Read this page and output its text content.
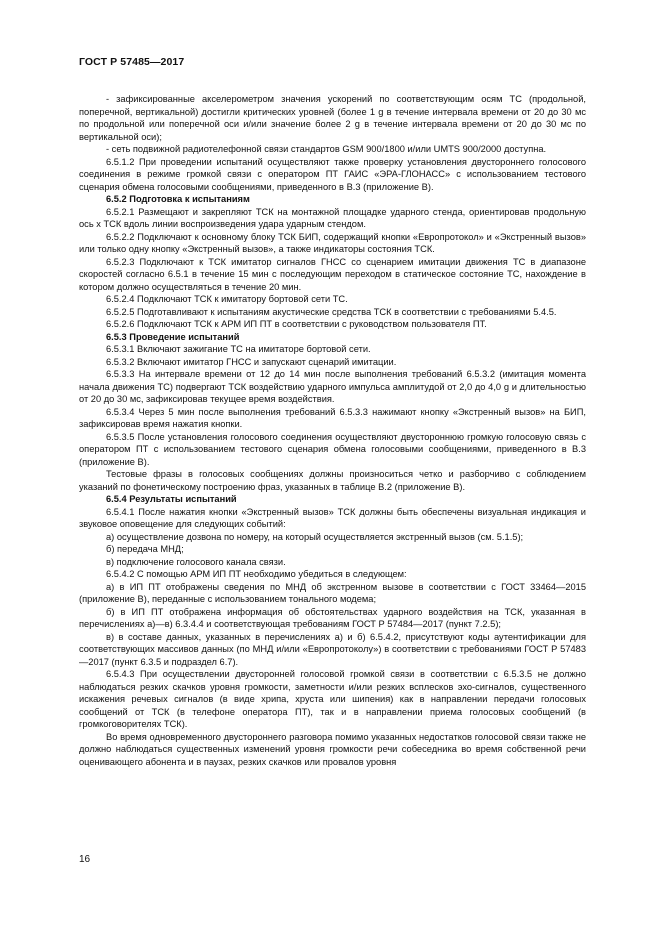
ГОСТ Р 57485—2017

- зафиксированные акселерометром значения ускорений по соответствующим осям ТС (продольной, поперечной, вертикальной) достигли критических уровней (более 1 g в течение интервала времени от 20 до 30 мс по продольной или поперечной оси и/или значение более 2 g в течение интервала времени от 20 до 30 мс по вертикальной оси);

- сеть подвижной радиотелефонной связи стандартов GSM 900/1800 и/или UMTS 900/2000 доступна.

6.5.1.2 При проведении испытаний осуществляют также проверку установления двустороннего голосового соединения в режиме громкой связи с оператором ПТ ГАИС «ЭРА-ГЛОНАСС» с использованием тестового сценария обмена голосовыми сообщениями, приведенного в В.3 (приложение В).

6.5.2 Подготовка к испытаниям

6.5.2.1 Размещают и закрепляют ТСК на монтажной площадке ударного стенда, ориентировав продольную ось x ТСК вдоль линии воспроизведения удара ударным стендом.

6.5.2.2 Подключают к основному блоку ТСК БИП, содержащий кнопки «Европротокол» и «Экстренный вызов» или только одну кнопку «Экстренный вызов», а также индикаторы состояния ТСК.

6.5.2.3 Подключают к ТСК имитатор сигналов ГНСС со сценарием имитации движения ТС в диапазоне скоростей согласно 6.5.1 в течение 15 мин с последующим переходом в статическое состояние ТС, нахождение в котором должно осуществляться в течение 20 мин.

6.5.2.4 Подключают ТСК к имитатору бортовой сети ТС.

6.5.2.5 Подготавливают к испытаниям акустические средства ТСК в соответствии с требованиями 5.4.5.

6.5.2.6 Подключают ТСК к АРМ ИП ПТ в соответствии с руководством пользователя ПТ.

6.5.3 Проведение испытаний

6.5.3.1 Включают зажигание ТС на имитаторе бортовой сети.

6.5.3.2 Включают имитатор ГНСС и запускают сценарий имитации.

6.5.3.3 На интервале времени от 12 до 14 мин после выполнения требований 6.5.3.2 (имитация момента начала движения ТС) подвергают ТСК воздействию ударного импульса амплитудой от 2,0 до 4,0 g и длительностью от 20 до 30 мс, зафиксировав текущее время воздействия.

6.5.3.4 Через 5 мин после выполнения требований 6.5.3.3 нажимают кнопку «Экстренный вызов» на БИП, зафиксировав время нажатия кнопки.

6.5.3.5 После установления голосового соединения осуществляют двустороннюю громкую голосовую связь с оператором ПТ с использованием тестового сценария обмена голосовыми сообщениями, приведенного в В.3 (приложение В).

Тестовые фразы в голосовых сообщениях должны произноситься четко и разборчиво с соблюдением указаний по фонетическому построению фраз, указанных в таблице В.2 (приложение В).

6.5.4 Результаты испытаний

6.5.4.1 После нажатия кнопки «Экстренный вызов» ТСК должны быть обеспечены визуальная индикация и звуковое оповещение для следующих событий:

а) осуществление дозвона по номеру, на который осуществляется экстренный вызов (см. 5.1.5);

б) передача МНД;

в) подключение голосового канала связи.

6.5.4.2 С помощью АРМ ИП ПТ необходимо убедиться в следующем:

а) в ИП ПТ отображены сведения по МНД об экстренном вызове в соответствии с ГОСТ 33464—2015 (приложение В), переданные с использованием тонального модема;

б) в ИП ПТ отображена информация об обстоятельствах ударного воздействия на ТСК, указанная в перечислениях а)—в) 6.3.4.4 и соответствующая требованиям ГОСТ Р 57484—2017 (пункт 7.2.5);

в) в составе данных, указанных в перечислениях а) и б) 6.5.4.2, присутствуют коды аутентификации для соответствующих массивов данных (по МНД и/или «Европротоколу») в соответствии с требованиями ГОСТ Р 57483—2017 (пункт 6.3.5 и подраздел 6.7).

6.5.4.3 При осуществлении двусторонней голосовой громкой связи в соответствии с 6.5.3.5 не должно наблюдаться резких скачков уровня громкости, заметности и/или резких всплесков эхо-сигналов, существенного искажения речевых сигналов (в виде хрипа, хруста или шипения) как в направлении передачи голосовых сообщений от ТСК (в телефоне оператора ПТ), так и в направлении приема голосовых сообщений (в громкоговорителях ТСК).

Во время одновременного двустороннего разговора помимо указанных недостатков голосовой связи также не должно наблюдаться существенных изменений уровня громкости речи собеседника во время собственной речи оценивающего абонента и в паузах, резких скачков или провалов уровня

16
